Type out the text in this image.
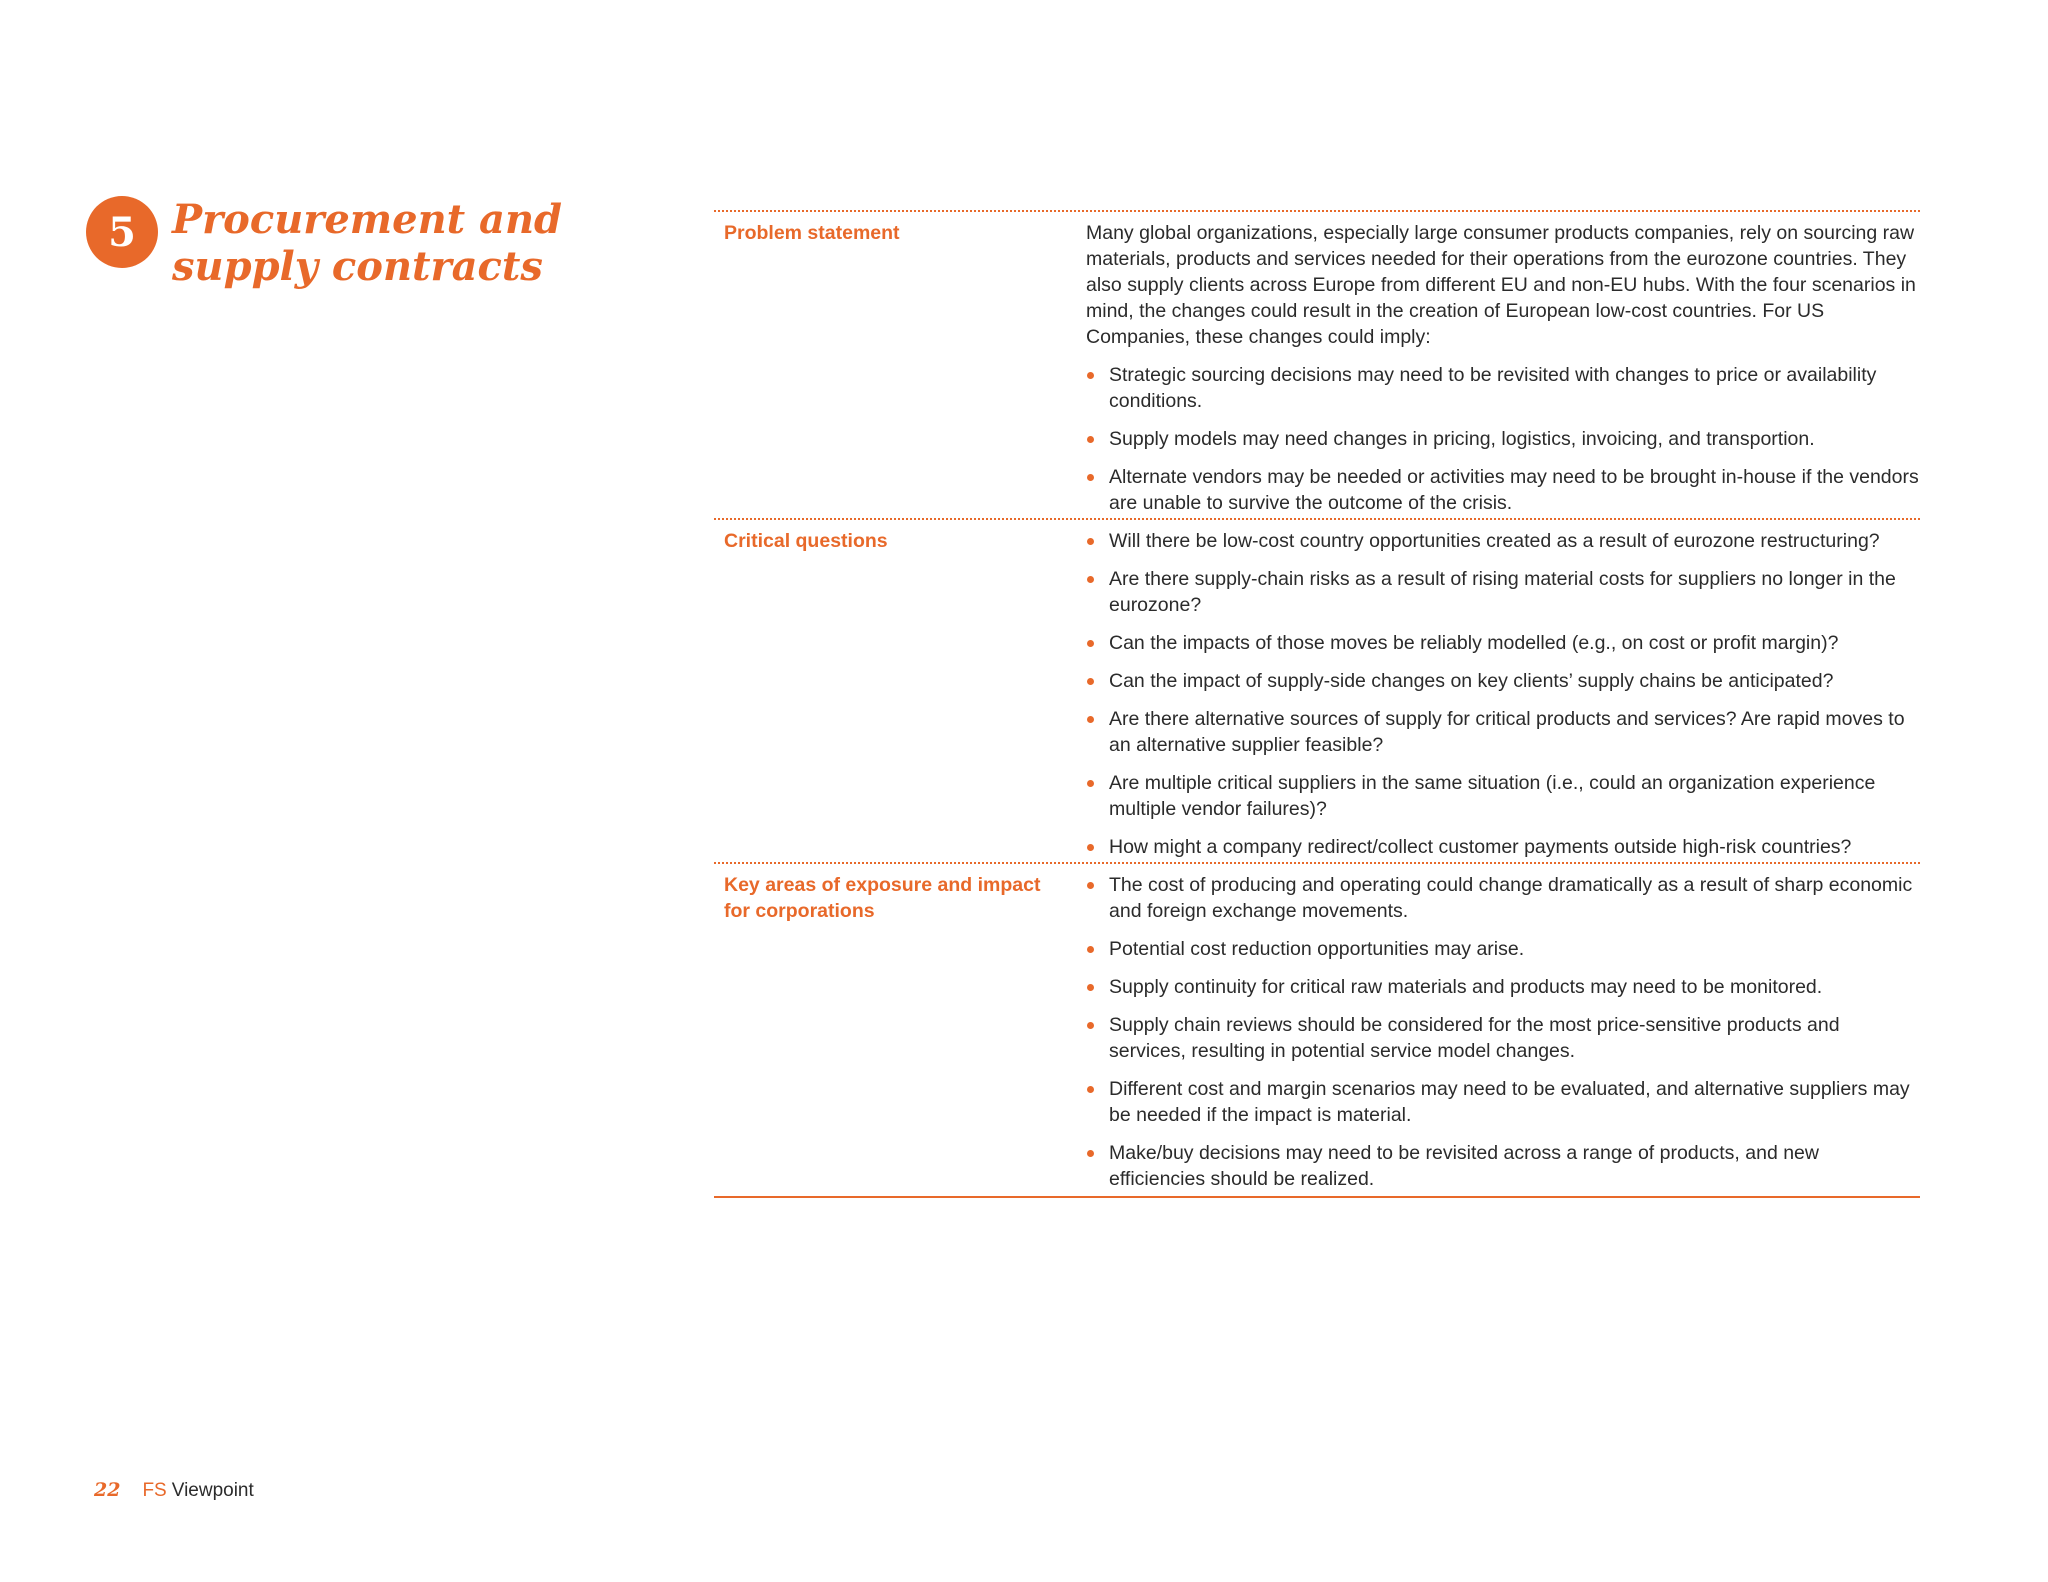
5 Procurement and
supply contracts
Problem statement	Many global organizations, especially large consumer products companies, rely on sourcing raw materials, products and services needed for their operations from the eurozone countries. They also supply clients across Europe from different EU and non-EU hubs. With the four scenarios in mind, the changes could result in the creation of European low-cost countries. For US Companies, these changes could imply:

Strategic sourcing decisions may need to be revisited with changes to price or availability conditions.
Supply models may need changes in pricing, logistics, invoicing, and transportion.
Alternate vendors may be needed or activities may need to be brought in-house if the vendors are unable to survive the outcome of the crisis.
Critical questions	Will there be low-cost country opportunities created as a result of eurozone restructuring?
Are there supply-chain risks as a result of rising material costs for suppliers no longer in the eurozone?
Can the impacts of those moves be reliably modelled (e.g., on cost or profit margin)?
Can the impact of supply-side changes on key clients’ supply chains be anticipated?
Are there alternative sources of supply for critical products and services? Are rapid moves to an alternative supplier feasible?
Are multiple critical suppliers in the same situation (i.e., could an organization experience multiple vendor failures)?
How might a company redirect/collect customer payments outside high-risk countries?
Key areas of exposure and impact for corporations
The cost of producing and operating could change dramatically as a result of sharp economic and foreign exchange movements.
Potential cost reduction opportunities may arise.
Supply continuity for critical raw materials and products may need to be monitored.
Supply chain reviews should be considered for the most price-sensitive products and services, resulting in potential service model changes.
Different cost and margin scenarios may need to be evaluated, and alternative suppliers may be needed if the impact is material.
Make/buy decisions may need to be revisited across a range of products, and new efficiencies should be realized.
22 FS Viewpoint
